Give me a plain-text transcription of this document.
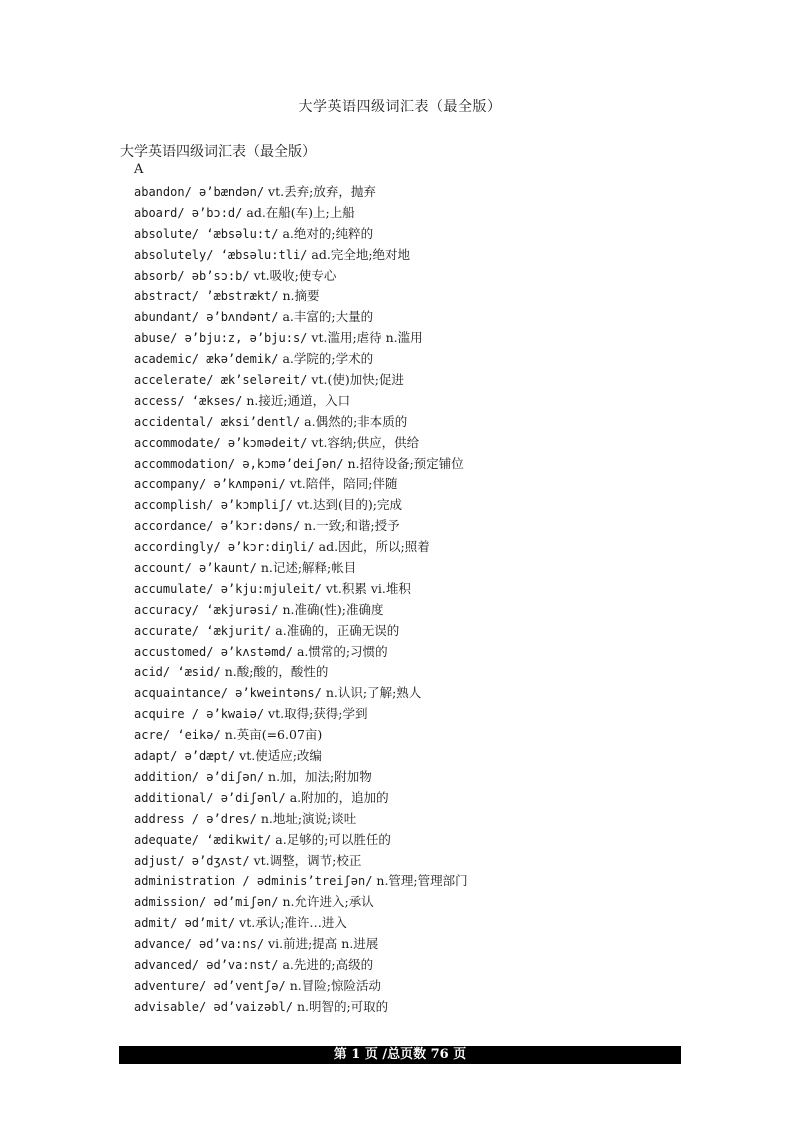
大学英语四级词汇表（最全版）
大学英语四级词汇表（最全版）
A
abandon/ ə’bændən/ vt.丢弃;放弃，抛弃
aboard/ ə’bɔ:d/ ad.在船(车)上;上船
absolute/ ‘æbsəlu:t/ a.绝对的;纯粹的
absolutely/ ‘æbsəlu:tli/ ad.完全地;绝对地
absorb/ əb’sɔ:b/ vt.吸收;使专心
abstract/ ’æbstrækt/ n.摘要
abundant/ ə’bʌndənt/ a.丰富的;大量的
abuse/ ə’bju:z, ə’bju:s/ vt.滥用;虐待 n.滥用
academic/ ækə’demik/ a.学院的;学术的
accelerate/ æk’seləreit/ vt.(使)加快;促进
access/ ‘ækses/ n.接近;通道，入口
accidental/ æksi’dentl/ a.偶然的;非本质的
accommodate/ ə’kɔmədeit/ vt.容纳;供应，供给
accommodation/ ə,kɔmə’deiʃən/ n.招待设备;预定铺位
accompany/ ə’kʌmpəni/ vt.陪伴，陪同;伴随
accomplish/ ə’kɔmpliʃ/ vt.达到(目的);完成
accordance/ ə’kɔr:dəns/ n.一致;和谐;授予
accordingly/ ə’kɔr:diŋli/ ad.因此，所以;照着
account/ ə’kaunt/ n.记述;解释;帐目
accumulate/ ə’kju:mjuleit/ vt.积累 vi.堆积
accuracy/ ‘ækjurəsi/ n.准确(性);准确度
accurate/ ‘ækjurit/ a.准确的，正确无误的
accustomed/ ə’kʌstəmd/ a.惯常的;习惯的
acid/ ‘æsid/ n.酸;酸的，酸性的
acquaintance/ ə’kweintəns/ n.认识;了解;熟人
acquire / ə’kwaiə/ vt.取得;获得;学到
acre/ ‘eikə/ n.英亩(=6.07亩)
adapt/ ə’dæpt/ vt.使适应;改编
addition/ ə’diʃən/ n.加，加法;附加物
additional/ ə’diʃənl/ a.附加的，追加的
address / ə’dres/ n.地址;演说;谈吐
adequate/ ‘ædikwit/ a.足够的;可以胜任的
adjust/ ə’dʒʌst/ vt.调整，调节;校正
administration / ədminis’treiʃən/ n.管理;管理部门
admission/ əd’miʃən/ n.允许进入;承认
admit/ əd’mit/ vt.承认;准许…进入
advance/ əd’va:ns/ vi.前进;提高 n.进展
advanced/ əd’va:nst/ a.先进的;高级的
adventure/ əd’ventʃə/ n.冒险;惊险活动
advisable/ əd’vaizəbl/ n.明智的;可取的
第 1 页 /总页数 76 页
